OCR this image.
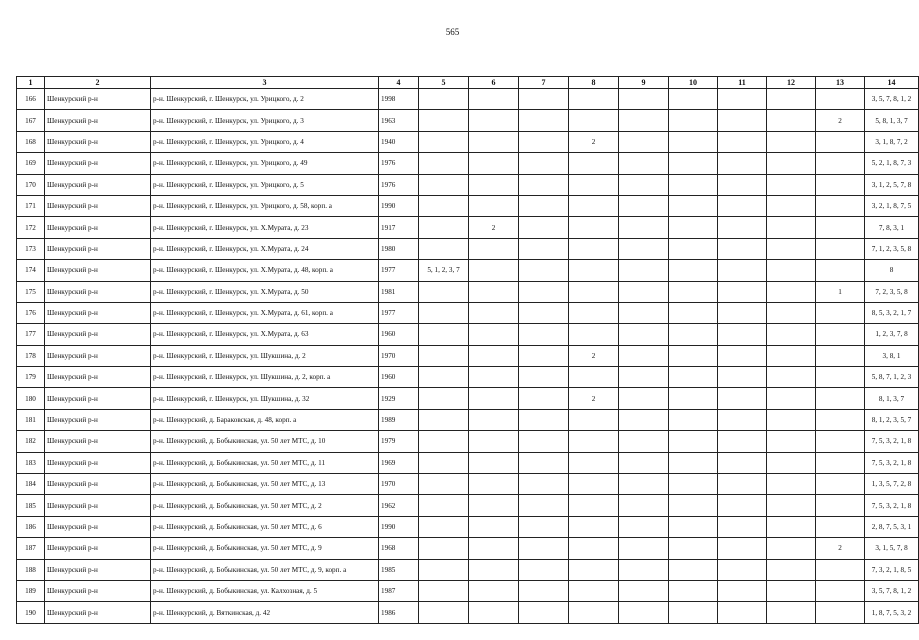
565
1	2	3	4	5	6	7	8	9	10	11	12	13	14
166	Шенкурский р-н	р-н. Шенкурский, г. Шенкурск, ул. Урицкого, д. 2	1998										3, 5, 7, 8, 1, 2
167	Шенкурский р-н	р-н. Шенкурский, г. Шенкурск, ул. Урицкого, д. 3	1963									2	5, 8, 1, 3, 7
168	Шенкурский р-н	р-н. Шенкурский, г. Шенкурск, ул. Урицкого, д. 4	1940				2						3, 1, 8, 7, 2
169	Шенкурский р-н	р-н. Шенкурский, г. Шенкурск, ул. Урицкого, д. 49	1976										5, 2, 1, 8, 7, 3
170	Шенкурский р-н	р-н. Шенкурский, г. Шенкурск, ул. Урицкого, д. 5	1976										3, 1, 2, 5, 7, 8
171	Шенкурский р-н	р-н. Шенкурский, г. Шенкурск, ул. Урицкого, д. 58, корп. а	1990										3, 2, 1, 8, 7, 5
172	Шенкурский р-н	р-н. Шенкурский, г. Шенкурск, ул. Х.Мурата, д. 23	1917		2								7, 8, 3, 1
173	Шенкурский р-н	р-н. Шенкурский, г. Шенкурск, ул. Х.Мурата, д. 24	1980										7, 1, 2, 3, 5, 8
174	Шенкурский р-н	р-н. Шенкурский, г. Шенкурск, ул. Х.Мурата, д. 48, корп. а	1977	5, 1, 2, 3, 7									8
175	Шенкурский р-н	р-н. Шенкурский, г. Шенкурск, ул. Х.Мурата, д. 50	1981									1	7, 2, 3, 5, 8
176	Шенкурский р-н	р-н. Шенкурский, г. Шенкурск, ул. Х.Мурата, д. 61, корп. а	1977										8, 5, 3, 2, 1, 7
177	Шенкурский р-н	р-н. Шенкурский, г. Шенкурск, ул. Х.Мурата, д. 63	1960										1, 2, 3, 7, 8
178	Шенкурский р-н	р-н. Шенкурский, г. Шенкурск, ул. Шукшина, д. 2	1970				2						3, 8, 1
179	Шенкурский р-н	р-н. Шенкурский, г. Шенкурск, ул. Шукшина, д. 2, корп. а	1960										5, 8, 7, 1, 2, 3
180	Шенкурский р-н	р-н. Шенкурский, г. Шенкурск, ул. Шукшина, д. 32	1929				2						8, 1, 3, 7
181	Шенкурский р-н	р-н. Шенкурский, д. Бараковская, д. 48, корп. а	1989										8, 1, 2, 3, 5, 7
182	Шенкурский р-н	р-н. Шенкурский, д. Бобыкинская, ул. 50 лет МТС, д. 10	1979										7, 5, 3, 2, 1, 8
183	Шенкурский р-н	р-н. Шенкурский, д. Бобыкинская, ул. 50 лет МТС, д. 11	1969										7, 5, 3, 2, 1, 8
184	Шенкурский р-н	р-н. Шенкурский, д. Бобыкинская, ул. 50 лет МТС, д. 13	1970										1, 3, 5, 7, 2, 8
185	Шенкурский р-н	р-н. Шенкурский, д. Бобыкинская, ул. 50 лет МТС, д. 2	1962										7, 5, 3, 2, 1, 8
186	Шенкурский р-н	р-н. Шенкурский, д. Бобыкинская, ул. 50 лет МТС, д. 6	1990										2, 8, 7, 5, 3, 1
187	Шенкурский р-н	р-н. Шенкурский, д. Бобыкинская, ул. 50 лет МТС, д. 9	1968									2	3, 1, 5, 7, 8
188	Шенкурский р-н	р-н. Шенкурский, д. Бобыкинская, ул. 50 лет МТС, д. 9, корп. а	1985										7, 3, 2, 1, 8, 5
189	Шенкурский р-н	р-н. Шенкурский, д. Бобыкинская, ул. Калхозная, д. 5	1987										3, 5, 7, 8, 1, 2
190	Шенкурский р-н	р-н. Шенкурский, д. Вяткинская, д. 42	1986										1, 8, 7, 5, 3, 2
